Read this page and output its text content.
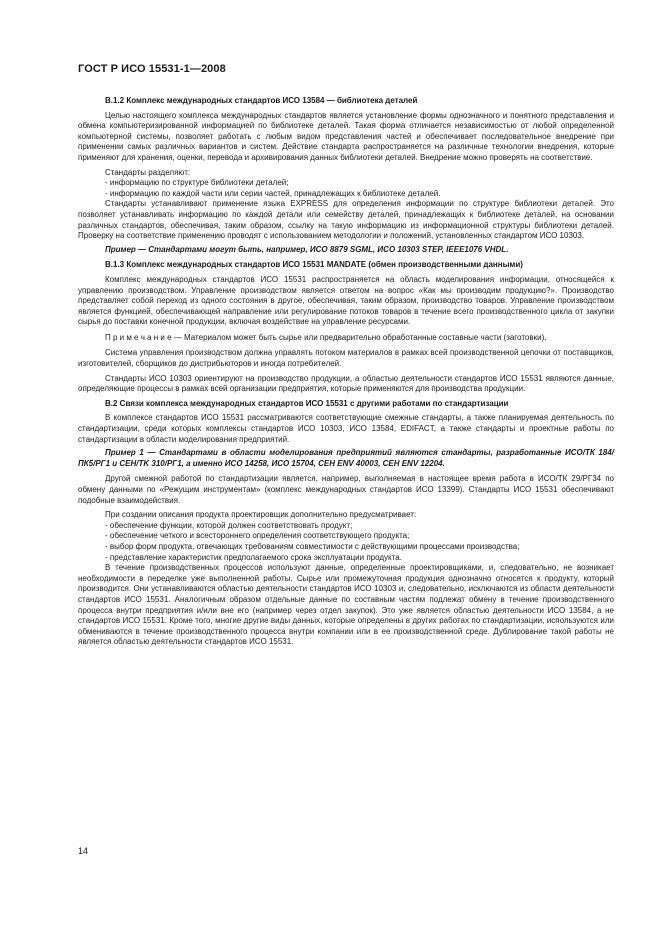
ГОСТ Р ИСО 15531-1—2008

В.1.2 Комплекс международных стандартов ИСО 13584 — библиотека деталей

Целью настоящего комплекса международных стандартов является установление формы однозначного и понятного представления и обмена компьютеризированной информацией по библиотеке деталей. Такая форма отличается независимостью от любой определенной компьютерной системы, позволяет работать с любым видом представления частей и обеспечивает последовательное внедрение при применении самых различных вариантов и систем. Действие стандарта распространяется на различные технологии внедрения, которые применяют для хранения, оценки, перевода и архивирования данных библиотеки деталей. Внедрение можно проверять на соответствие.

Стандарты разделяют:

- информацию по структуре библиотеки деталей;

- информацию по каждой части или серии частей, принадлежащих к библиотеке деталей.

Стандарты устанавливают применение языка EXPRESS для определения информации по структуре библиотеки деталей. Это позволяет устанавливать информацию по каждой детали или семейству деталей, принадлежащих к библиотеке деталей, на основании различных стандартов, обеспечивая, таким образом, ссылку на такую информацию из информационной структуры библиотеки деталей. Проверку на соответствие применению проводят с использованием методологии и положений, установленных стандартом ИСО 10303.

Пример — Стандартами могут быть, например, ИСО 8879 SGML, ИСО 10303 STEP, IEEE1076 VHDL.

В.1.3 Комплекс международных стандартов ИСО 15531 MANDATE (обмен производственными данными)

Комплекс международных стандартов ИСО 15531 распространяется на область моделирования информации, относящейся к управлению производством. Управление производством является ответом на вопрос «Как мы производим продукцию?». Производство представляет собой переход из одного состояния в другое, обеспечивая, таким образом, производство товаров. Управление производством является функцией, обеспечивающей направление или регулирование потоков товаров в течение всего производственного цикла от закупки сырья до поставки конечной продукции, включая воздействие на управление ресурсами.

П р и м е ч а н и е — Материалом может быть сырье или предварительно обработанные составные части (заготовки).

Система управления производством должна управлять потоком материалов в рамках всей производственной цепочки от поставщиков, изготовителей, сборщиков до дистрибьюторов и иногда потребителей.

Стандарты ИСО 10303 ориентируют на производство продукции, а областью деятельности стандартов ИСО 15531 являются данные, определяющие процессы в рамках всей организации предприятия, которые применяются для производства продукции.

В.2 Связи комплекса международных стандартов ИСО 15531 с другими работами по стандартизации

В комплексе стандартов ИСО 15531 рассматриваются соответствующие смежные стандарты, а также планируемая деятельность по стандартизации, среди которых комплексы стандартов ИСО 10303, ИСО 13584, EDIFACT, а также стандарты и проектные работы по стандартизации в области моделирования предприятий.

Пример 1 — Стандартами в области моделирования предприятий являются стандарты, разработанные ИСО/ТК 184/ПК5/РГ1 и CEH/TK 310/РГ1, а именно ИСО 14258, ИСО 15704, CEH ENV 40003, CEH ENV 12204.

Другой смежной работой по стандартизации является, например, выполняемая в настоящее время работа в ИСО/ТК 29/РГ34 по обмену данными по «Режущим инструментам» (комплекс международных стандартов ИСО 13399). Стандарты ИСО 15531 обеспечивают подобные взаимодействия.

При создании описания продукта проектировщик дополнительно предусматривает:

- обеспечение функции, которой должен соответствовать продукт;

- обеспечение четкого и всестороннего определения соответствующего продукта;

- выбор форм продукта, отвечающих требованиям совместимости с действующими процессами производства;

- представление характеристик предполагаемого срока эксплуатации продукта.

В течение производственных процессов используют данные, определенные проектировщиками, и, следовательно, не возникает необходимости в переделке уже выполненной работы. Сырье или промежуточная продукция однозначно относятся к продукту, который производится. Они устанавливаются областью деятельности стандартов ИСО 10303 и, следовательно, исключаются из области деятельности стандартов ИСО 15531. Аналогичным образом отдельные данные по составным частям подлежат обмену в течение производственного процесса внутри предприятия и/или вне его (например через отдел закупок). Это уже является областью деятельности ИСО 13584, а не стандартов ИСО 15531. Кроме того, многие другие виды данных, которые определены в других работах по стандартизации, используются или обмениваются в течение производственного процесса внутри компании или в ее производственной среде. Дублирование такой работы не является областью деятельности стандартов ИСО 15531.

14
